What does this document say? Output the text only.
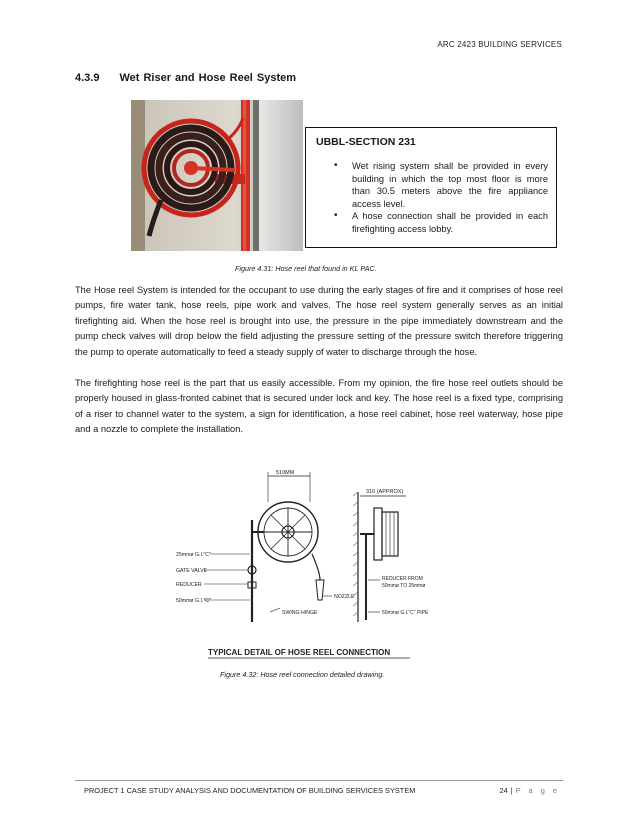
ARC 2423 BUILDING SERVICES
4.3.9 Wet Riser and Hose Reel System
UBBL-SECTION 231
• Wet rising system shall be provided in every building in which the top most floor is more than 30.5 meters above the fire appliance access level.
• A hose connection shall be provided in each firefighting access lobby.
Figure 4.31: Hose reel that found in KL PAC.

The Hose reel System is intended for the occupant to use during the early stages of fire and it comprises of hose reel pumps, fire water tank, hose reels, pipe work and valves. The hose reel system generally serves as an initial firefighting aid. When the hose reel is brought into use, the pressure in the pipe immediately downstream and the pump check valves will drop below the field adjusting the pressure setting of the pressure switch therefore triggering the pump to operate automatically to feed a steady supply of water to discharge through the hose.

The firefighting hose reel is the part that us easily accessible. From my opinion, the fire hose reel outlets should be properly housed in glass-fronted cabinet that is secured under lock and key. The hose reel is a fixed type, comprising of a riser to channel water to the system, a sign for identification, a hose reel cabinet, hose reel waterway, hose pipe and a nozzle to complete the installation.

510MM
25mmø G.I."C"
GATE VALVE
REDUCER
50mmø G.I."C"
NOZZLE
SWING HINGE
310 (APPROX)
REDUCER FROM
50mmø TO 25mmø
50mmø G.I."C" PIPE
TYPICAL DETAIL OF HOSE REEL CONNECTION
Figure 4.32: Hose reel connection detailed drawing.
PROJECT 1 CASE STUDY ANALYSIS AND DOCUMENTATION OF BUILDING SERVICES SYSTEM	24 | P a g e
